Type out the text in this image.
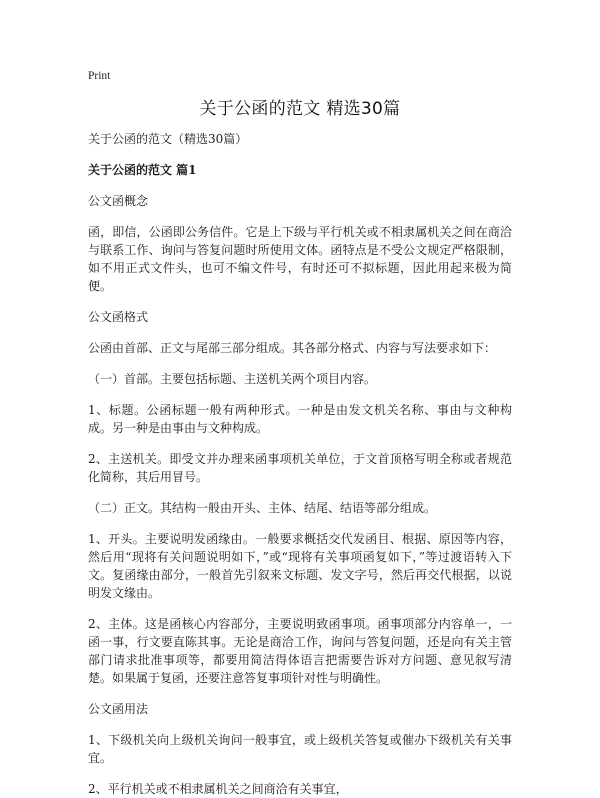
Print
关于公函的范文 精选30篇

关于公函的范文（精选30篇）

关于公函的范文 篇1

公文函概念

函，即信，公函即公务信件。它是上下级与平行机关或不相隶属机关之间在商洽与联系工作、询问与答复问题时所使用文体。函特点是不受公文规定严格限制，如不用正式文件头，也可不编文件号，有时还可不拟标题，因此用起来极为简便。

公文函格式

公函由首部、正文与尾部三部分组成。其各部分格式、内容与写法要求如下：

（一）首部。主要包括标题、主送机关两个项目内容。

1、标题。公函标题一般有两种形式。一种是由发文机关名称、事由与文种构成。另一种是由事由与文种构成。

2、主送机关。即受文并办理来函事项机关单位，于文首顶格写明全称或者规范化简称，其后用冒号。

（二）正文。其结构一般由开头、主体、结尾、结语等部分组成。

1、开头。主要说明发函缘由。一般要求概括交代发函目、根据、原因等内容，然后用“现将有关问题说明如下，”或“现将有关事项函复如下，”等过渡语转入下文。复函缘由部分，一般首先引叙来文标题、发文字号，然后再交代根据，以说明发文缘由。

2、主体。这是函核心内容部分，主要说明致函事项。函事项部分内容单一，一函一事，行文要直陈其事。无论是商洽工作，询问与答复问题，还是向有关主管部门请求批准事项等，都要用简洁得体语言把需要告诉对方问题、意见叙写清楚。如果属于复函，还要注意答复事项针对性与明确性。

公文函用法

1、下级机关向上级机关询问一般事宜，或上级机关答复或催办下级机关有关事宜。

2、平行机关或不相隶属机关之间商洽有关事宜，
